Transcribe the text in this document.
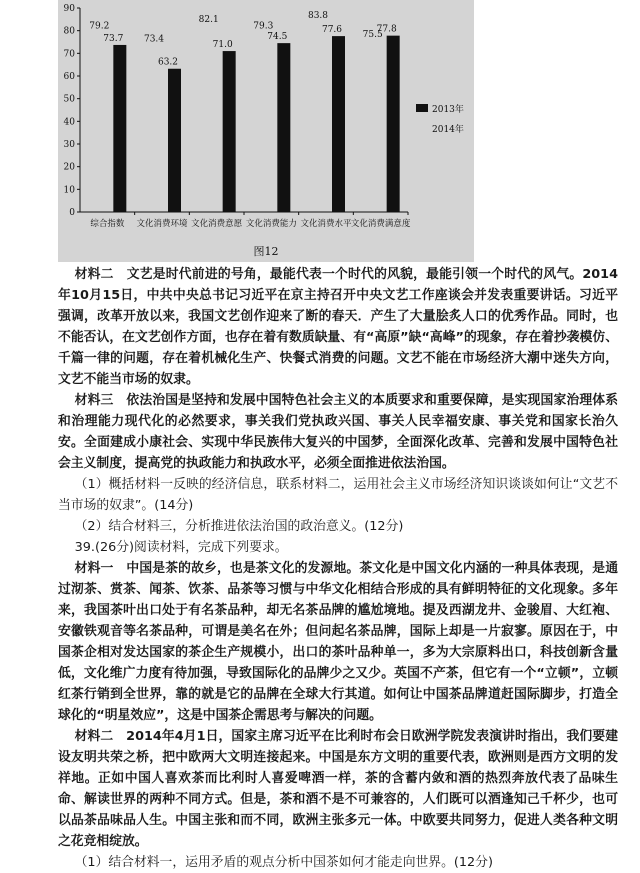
0
10
20
30
40
50
60
70
80
90
79.2
73.7
综合指数
73.4
63.2
文化消费环境
82.1
71.0
文化消费意愿
79.3
74.5
文化消费能力
83.8
77.6
文化消费水平
75.5
77.8
文化消费满意度
2013年
2014年
图12

材料二　文艺是时代前进的号角，最能代表一个时代的风貌，最能引领一个时代的风气。2014年10月15日，中共中央总书记习近平在京主持召开中央文艺工作座谈会并发表重要讲话。习近平强调，改革开放以来，我国文艺创作迎来了断的春天．产生了大量脍炙人口的优秀作品。同时，也不能否认，在文艺创作方面，也存在着有数质缺量、有“高原”缺“高峰”的现象，存在着抄袭模仿、千篇一律的问题，存在着机械化生产、快餐式消费的问题。文艺不能在市场经济大潮中迷失方向，文艺不能当市场的奴隶。

材料三　依法治国是坚持和发展中国特色社会主义的本质要求和重要保障，是实现国家治理体系和治理能力现代化的必然要求，事关我们党执政兴国、事关人民幸福安康、事关党和国家长治久安。全面建成小康社会、实现中华民族伟大复兴的中国梦，全面深化改革、完善和发展中国特色社会主义制度，提高党的执政能力和执政水平，必须全面推进依法治国。

（1）概括材料一反映的经济信息，联系材料二，运用社会主义市场经济知识谈谈如何让“文艺不当市场的奴隶”。(14分)

（2）结合材料三，分析推进依法治国的政治意义。(12分)

39.(26分)阅读材料，完成下列要求。

材料一　中国是茶的故乡，也是茶文化的发源地。茶文化是中国文化内涵的一种具体表现，是通过沏茶、赏茶、闻茶、饮茶、品茶等习惯与中华文化相结合形成的具有鲜明特征的文化现象。多年来，我国茶叶出口处于有名茶品种，却无名茶品牌的尴尬境地。提及西湖龙井、金骏眉、大红袍、安徽铁观音等名茶品种，可谓是美名在外；但问起名茶品牌，国际上却是一片寂寥。原因在于，中国茶企相对发达国家的茶企生产规模小，出口的茶叶品种单一，多为大宗原料出口，科技创新含量低，文化维广力度有待加强，导致国际化的品牌少之又少。英国不产茶，但它有一个“立顿”，立顿红茶行销到全世界，靠的就是它的品牌在全球大行其道。如何让中国茶品牌道赶国际脚步，打造全球化的“明星效应”，这是中国茶企需思考与解决的问题。

材料二　2014年4月1日，国家主席习近平在比利时布会日欧洲学院发表演讲时指出，我们要建设友明共荣之桥，把中欧两大文明连接起来。中国是东方文明的重要代表，欧洲则是西方文明的发祥地。正如中国人喜欢茶而比利时人喜爱啤酒一样，茶的含蓄内敛和酒的热烈奔放代表了品味生命、解读世界的两种不同方式。但是，茶和酒不是不可兼容的，人们既可以酒逢知己千杯少，也可以品茶品味品人生。中国主张和而不同，欧洲主张多元一体。中欧要共同努力，促进人类各种文明之花竞相绽放。

（1）结合材料一，运用矛盾的观点分析中国茶如何才能走向世界。(12分)
